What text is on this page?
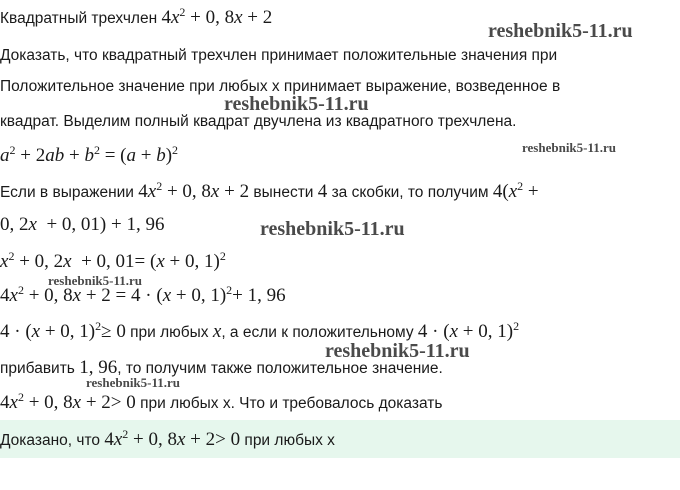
Квадратный трехчлен $4x^2 + 0$, 8x + 2
Доказать, что квадратный трехчлен принимает положительные значения при
Положительное значение при любых x принимает выражение, возведенное в
квадрат. Выделим полный квадрат двучлена из квадратного трехчлена.
$a^2 + 2ab + b^2 = (a + b)^2$
Если в выражении $4x^2 + 0$, 8x + 2 вынести 4 за скобки, то получим $4(x^2$ +
0, 2x  + 0, 01) + 1, 96
$x^2 + 0$, 2x  + 0, 01= (x + 0, 1)$^2$
$4x^2 + 0$, 8x + 2 = 4 · (x + 0, 1)$^2$+ 1, 96
4 · (x + 0, 1)$^2$≥ 0 при любых x, а если к положительному 4 · (x + 0, 1)$^2$
прибавить 1, 96, то получим также положительное значение.
$4x^2 + 0$, 8x + 2> 0 при любых х. Что и требовалось доказать
Доказано, что $4x^2 + 0$, 8x + 2> 0 при любых х
reshebnik5-11.ru
reshebnik5-11.ru
reshebnik5-11.ru
reshebnik5-11.ru
reshebnik5-11.ru
reshebnik5-11.ru
reshebnik5-11.ru
